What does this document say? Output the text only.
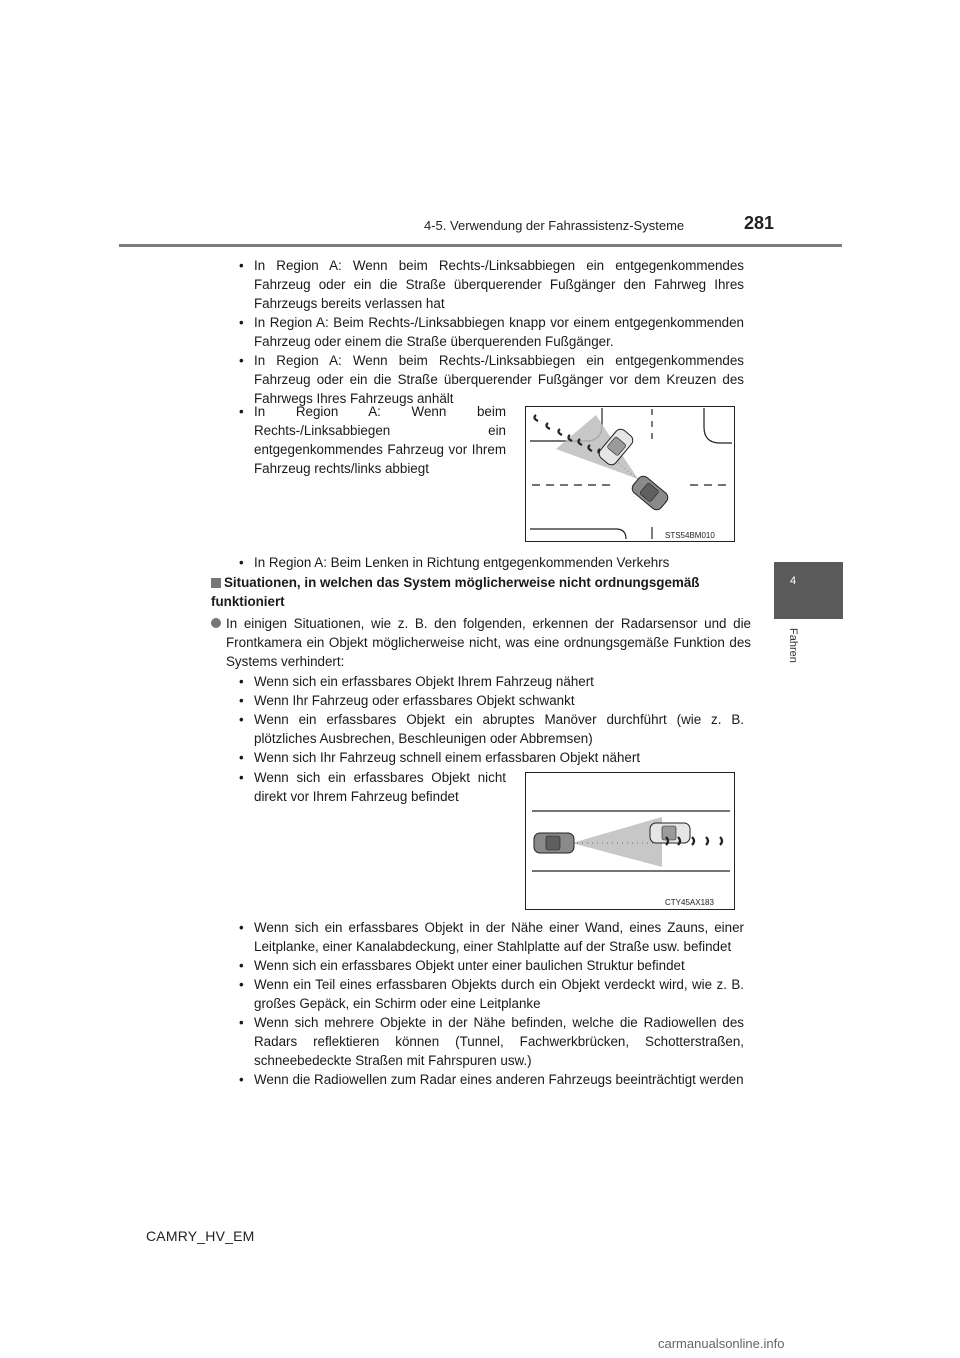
4-5. Verwendung der Fahrassistenz-Systeme	281
4
Fahren
• In Region A: Wenn beim Rechts-/Linksabbiegen ein entgegenkommendes Fahrzeug oder ein die Straße überquerender Fußgänger den Fahrweg Ihres Fahrzeugs bereits verlassen hat
• In Region A: Beim Rechts-/Linksabbiegen knapp vor einem entgegenkommenden Fahrzeug oder einem die Straße überquerenden Fußgänger.
• In Region A: Wenn beim Rechts-/Linksabbiegen ein entgegenkommendes Fahrzeug oder ein die Straße überquerender Fußgänger vor dem Kreuzen des Fahrwegs Ihres Fahrzeugs anhält
• In Region A: Wenn beim Rechts-/Linksabbiegen ein entgegenkommendes Fahrzeug vor Ihrem Fahrzeug rechts/links abbiegt
STS54BM010
• In Region A: Beim Lenken in Richtung entgegenkommenden Verkehrs
Situationen, in welchen das System möglicherweise nicht ordnungsgemäß funktioniert
In einigen Situationen, wie z. B. den folgenden, erkennen der Radarsensor und die Frontkamera ein Objekt möglicherweise nicht, was eine ordnungsgemäße Funktion des Systems verhindert:
• Wenn sich ein erfassbares Objekt Ihrem Fahrzeug nähert
• Wenn Ihr Fahrzeug oder erfassbares Objekt schwankt
• Wenn ein erfassbares Objekt ein abruptes Manöver durchführt (wie z. B. plötzliches Ausbrechen, Beschleunigen oder Abbremsen)
• Wenn sich Ihr Fahrzeug schnell einem erfassbaren Objekt nähert
• Wenn sich ein erfassbares Objekt nicht direkt vor Ihrem Fahrzeug befindet
CTY45AX183
• Wenn sich ein erfassbares Objekt in der Nähe einer Wand, eines Zauns, einer Leitplanke, einer Kanalabdeckung, einer Stahlplatte auf der Straße usw. befindet
• Wenn sich ein erfassbares Objekt unter einer baulichen Struktur befindet
• Wenn ein Teil eines erfassbaren Objekts durch ein Objekt verdeckt wird, wie z. B. großes Gepäck, ein Schirm oder eine Leitplanke
• Wenn sich mehrere Objekte in der Nähe befinden, welche die Radiowellen des Radars reflektieren können (Tunnel, Fachwerkbrücken, Schotterstraßen, schneebedeckte Straßen mit Fahrspuren usw.)
• Wenn die Radiowellen zum Radar eines anderen Fahrzeugs beeinträchtigt werden
CAMRY_HV_EM
carmanualsonline.info
